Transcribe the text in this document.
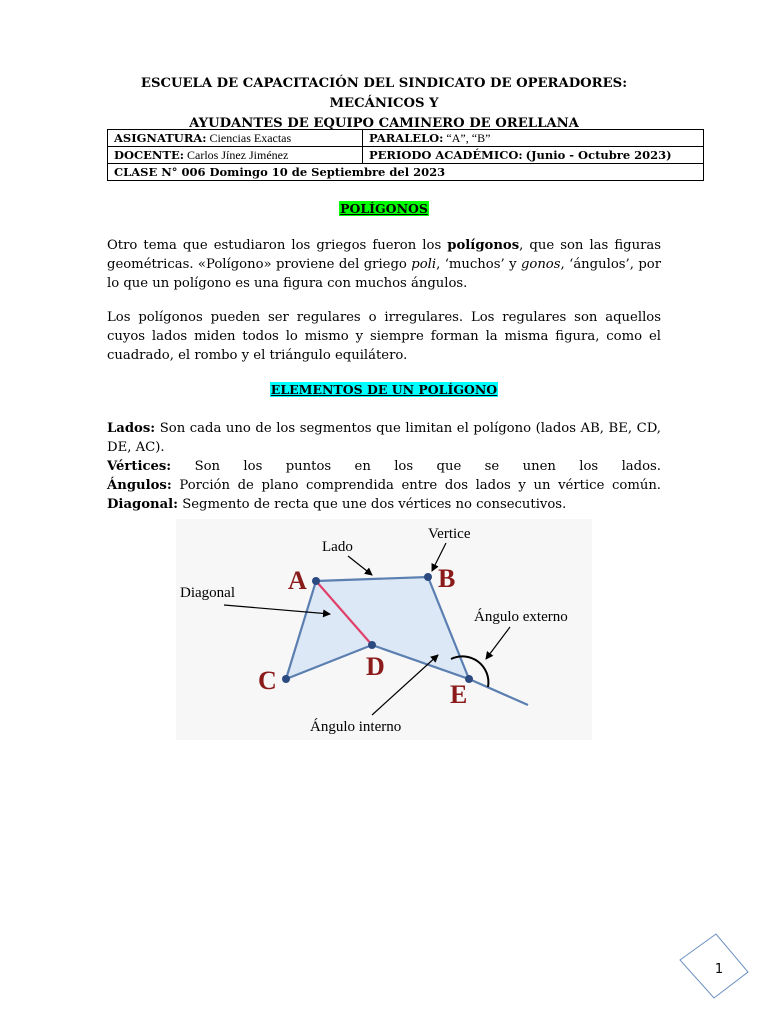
ESCUELA DE CAPACITACIÓN DEL SINDICATO DE OPERADORES: MECÁNICOS Y
AYUDANTES DE EQUIPO CAMINERO DE ORELLANA
ASIGNATURA: Ciencias Exactas	PARALELO: “A”, “B”
DOCENTE: Carlos Jínez Jiménez	PERIODO ACADÉMICO: (Junio - Octubre 2023)
CLASE N° 006 Domingo 10 de Septiembre del 2023	
POLÍGONOS

Otro tema que estudiaron los griegos fueron los polígonos, que son las figuras geométricas. «Polígono» proviene del griego poli, ‘muchos’ y gonos, ‘ángulos’, por lo que un polígono es una figura con muchos ángulos.

Los polígonos pueden ser regulares o irregulares. Los regulares son aquellos cuyos lados miden todos lo mismo y siempre forman la misma figura, como el cuadrado, el rombo y el triángulo equilátero.

ELEMENTOS DE UN POLÍGONO

Lados: Son cada uno de los segmentos que limitan el polígono (lados AB, BE, CD, DE, AC).

Vértices: Son los puntos en los que se unen los lados.

Ángulos: Porción de plano comprendida entre dos lados y un vértice común.

Diagonal: Segmento de recta que une dos vértices no consecutivos.

A	B
C	D
E
Lado
Vertice
Diagonal
Ángulo externo
Ángulo interno
1
